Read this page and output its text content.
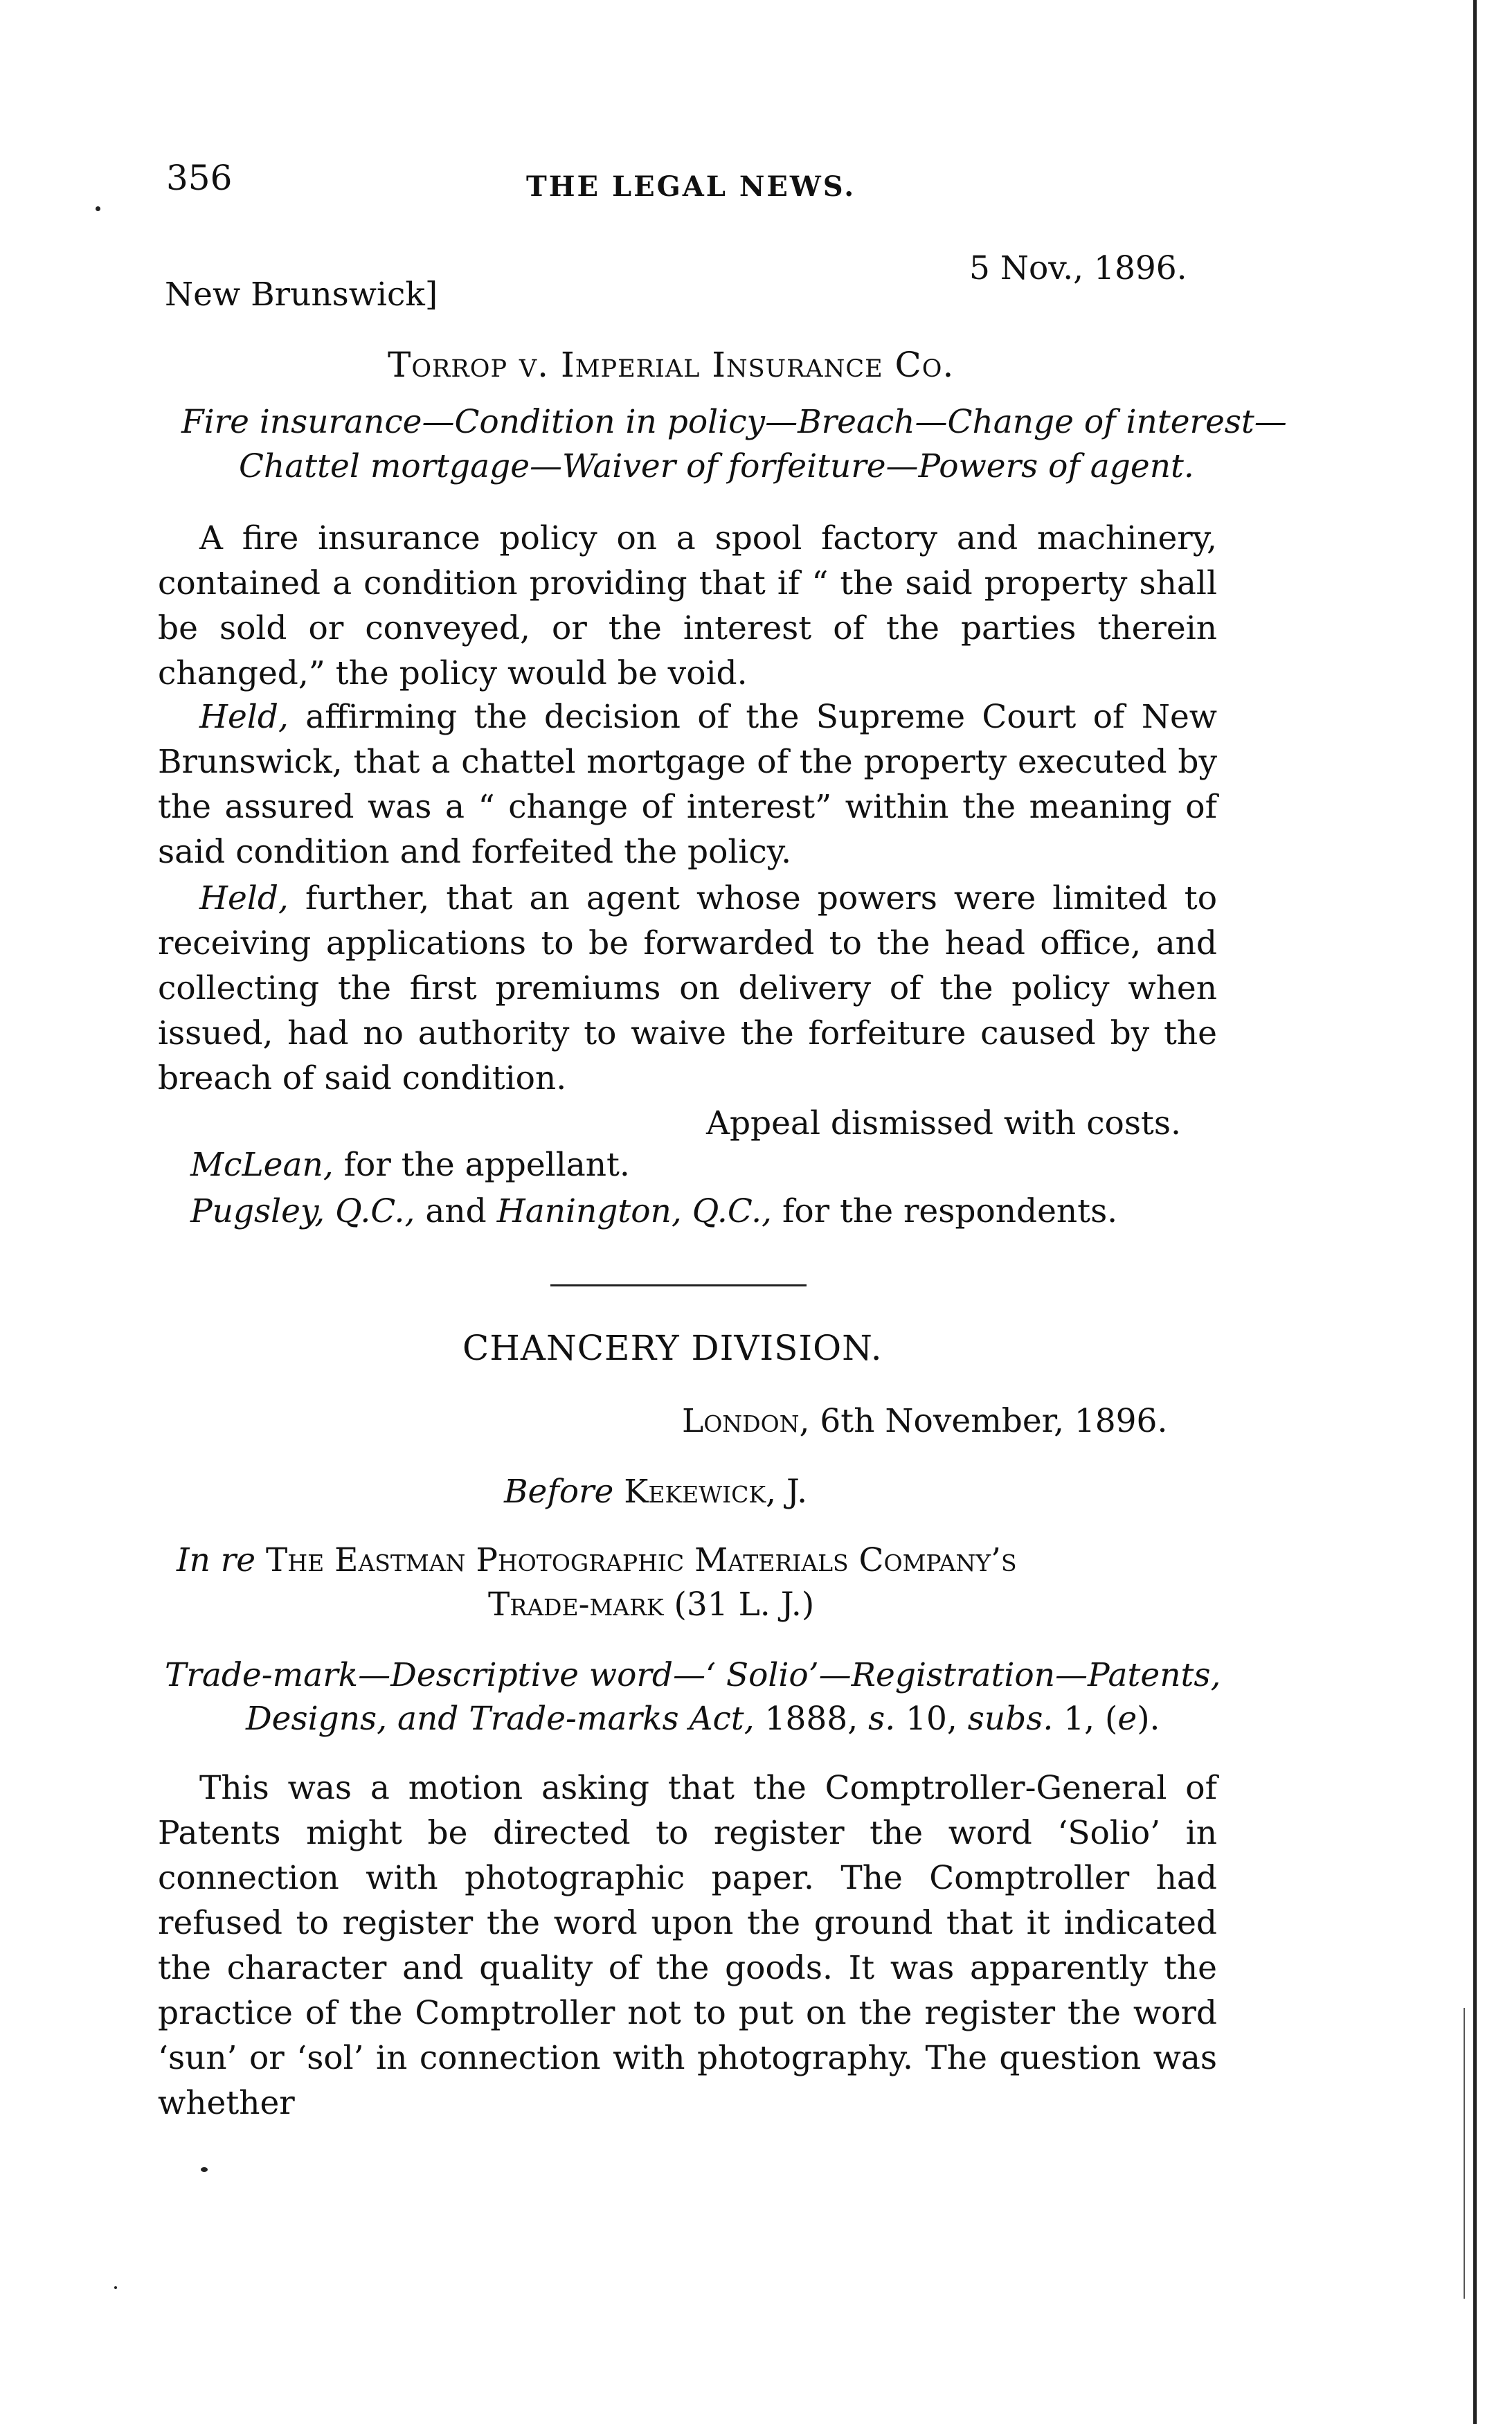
356	THE LEGAL NEWS.
5 Nov., 1896.
New Brunswick]
Torrop v. Imperial Insurance Co.
Fire insurance—Condition in policy—Breach—Change of interest—
Chattel mortgage—Waiver of forfeiture—Powers of agent.

A fire insurance policy on a spool factory and machinery, contained a condition providing that if “ the said property shall be sold or conveyed, or the interest of the parties therein changed,” the policy would be void.

Held, affirming the decision of the Supreme Court of New Brunswick, that a chattel mortgage of the property executed by the assured was a “ change of interest” within the meaning of said condition and forfeited the policy.

Held, further, that an agent whose powers were limited to receiving applications to be forwarded to the head office, and collecting the first premiums on delivery of the policy when issued, had no authority to waive the forfeiture caused by the breach of said condition.

Appeal dismissed with costs.
McLean, for the appellant.
Pugsley, Q.C., and Hanington, Q.C., for the respondents.
CHANCERY DIVISION.
London, 6th November, 1896.
Before Kekewick, J.
In re The Eastman Photographic Materials Company’s
Trade-mark (31 L. J.)
Trade-mark—Descriptive word—‘ Solio’—Registration—Patents,
Designs, and Trade-marks Act, 1888, s. 10, subs. 1, (e).

This was a motion asking that the Comptroller-General of Patents might be directed to register the word ‘Solio’ in connection with photographic paper. The Comptroller had refused to register the word upon the ground that it indicated the character and quality of the goods. It was apparently the practice of the Comptroller not to put on the register the word ‘sun’ or ‘sol’ in connection with photography. The question was whether
